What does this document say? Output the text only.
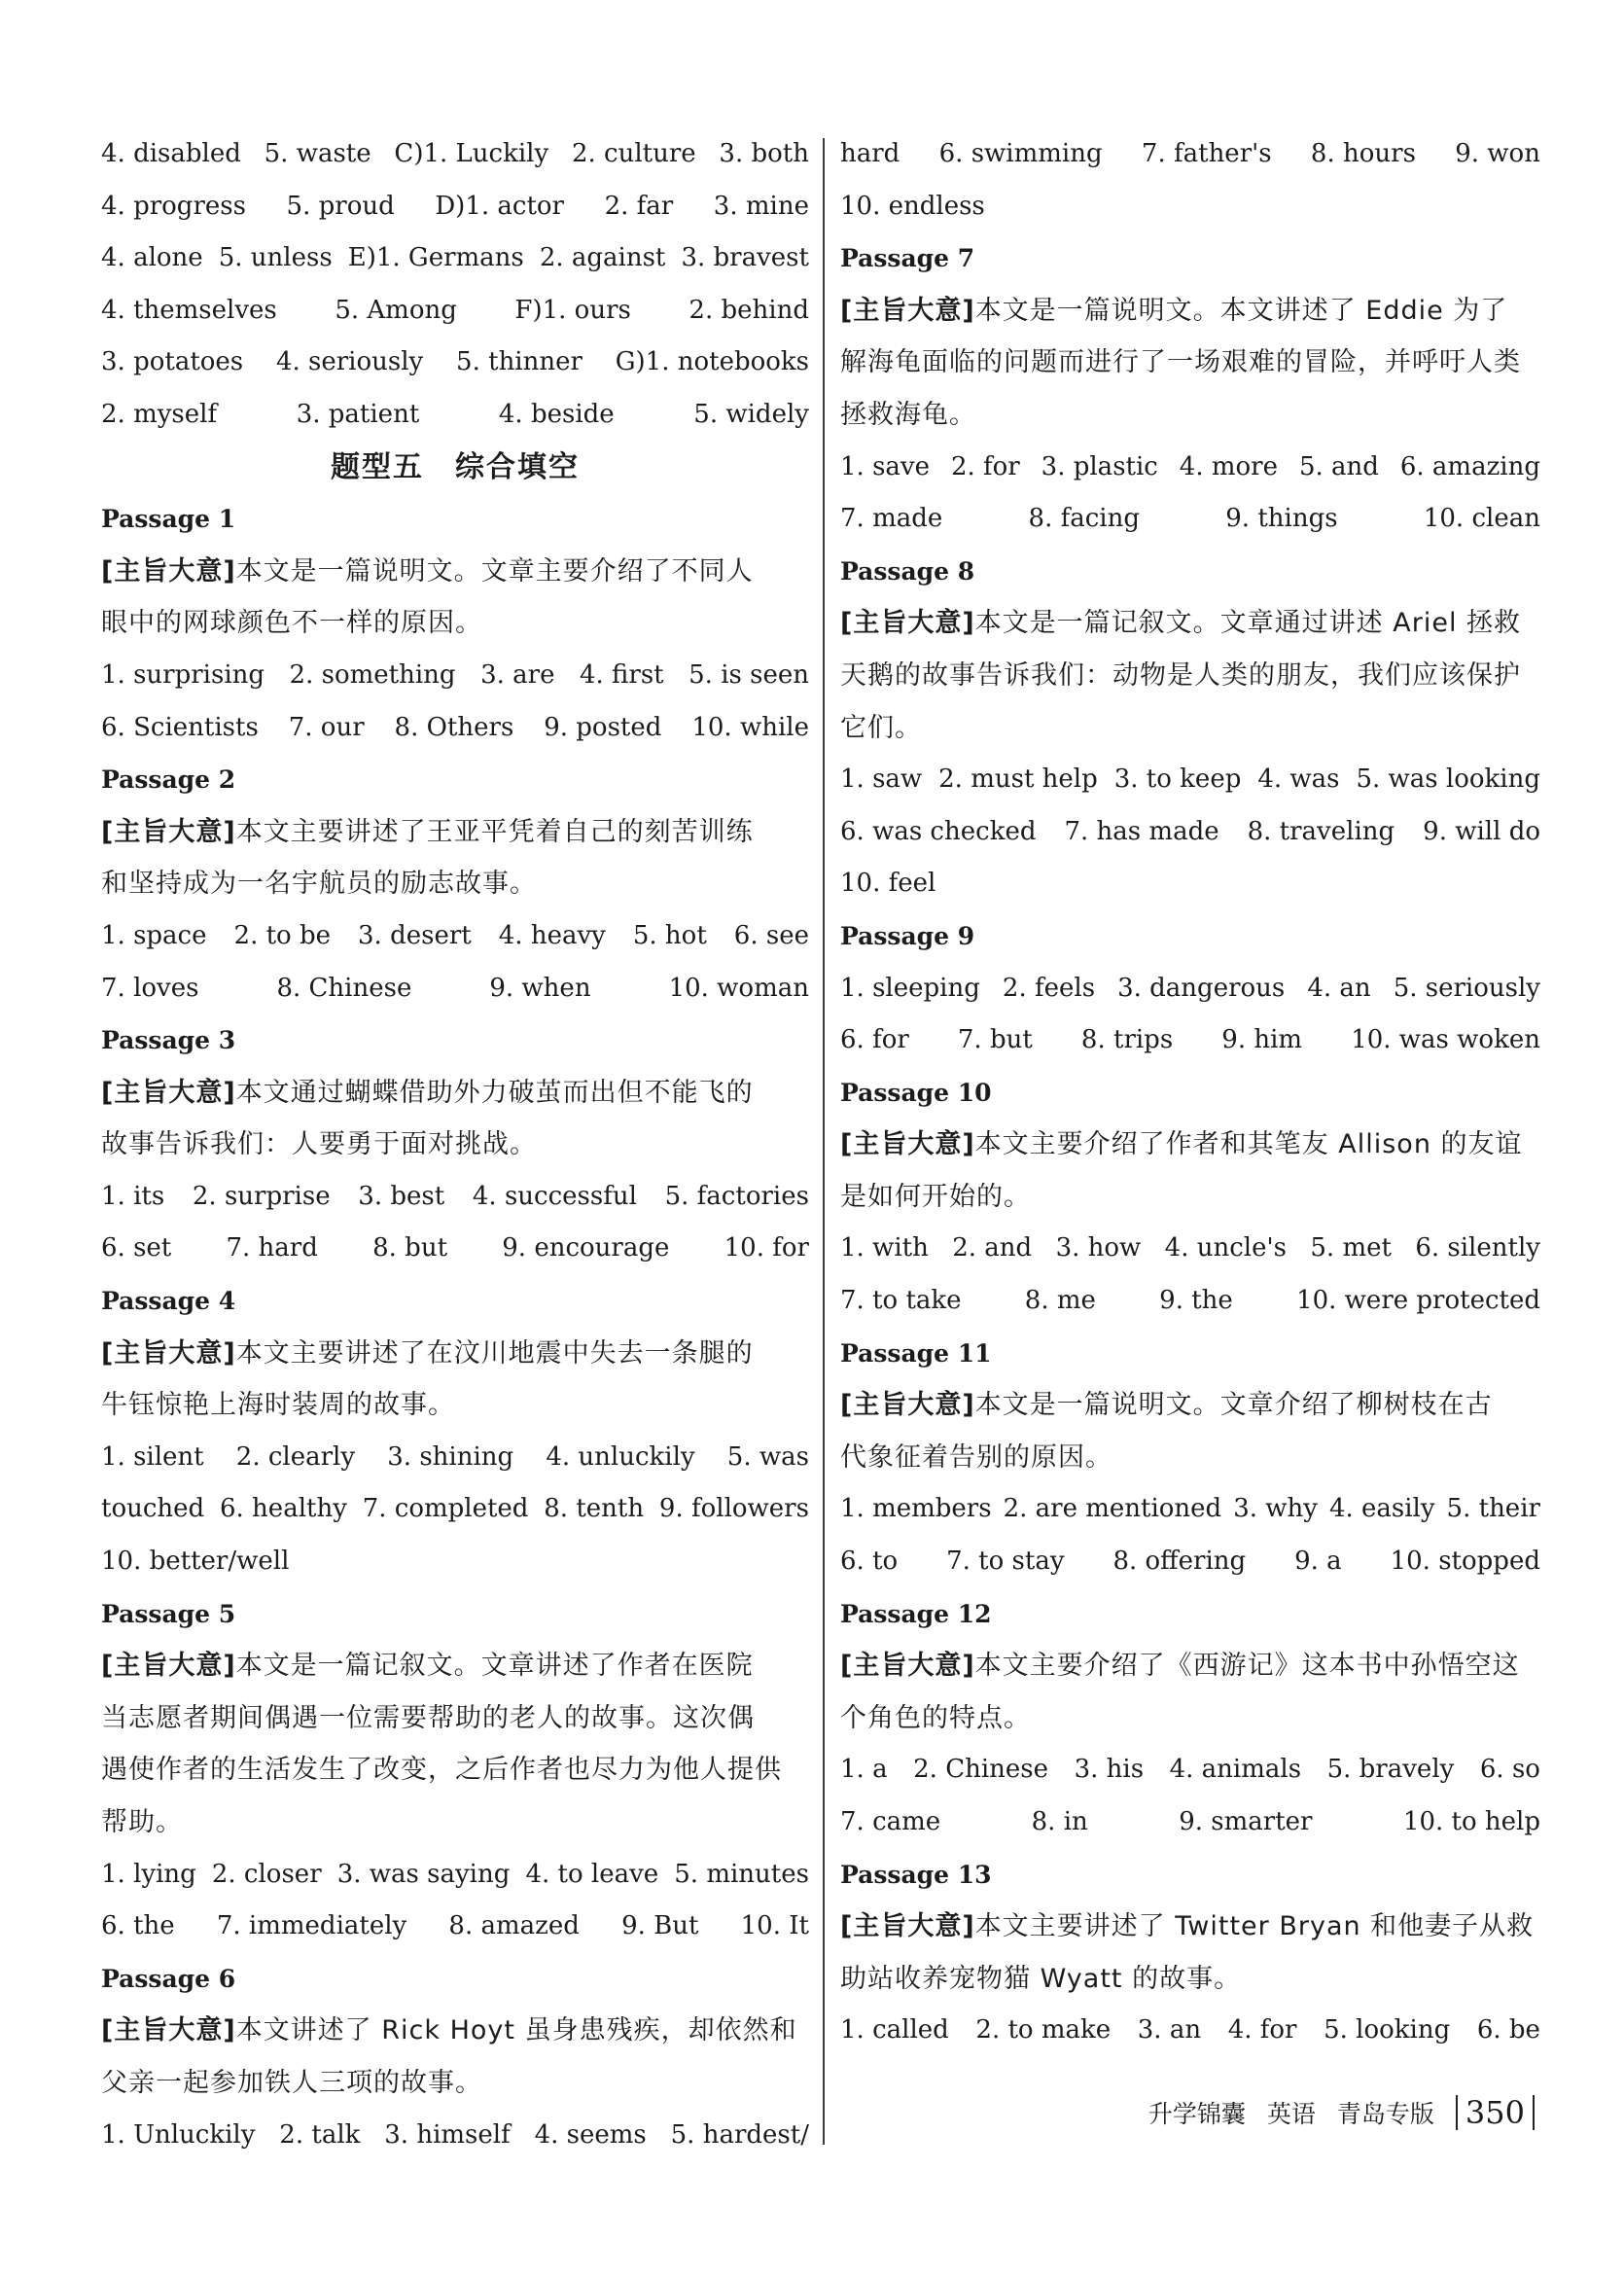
4. disabled 5. waste C)1. Luckily 2. culture 3. both
4. progress 5. proud D)1. actor 2. far 3. mine
4. alone 5. unless E)1. Germans 2. against 3. bravest
4. themselves 5. Among F)1. ours 2. behind
3. potatoes 4. seriously 5. thinner G)1. notebooks
2. myself	3. patient	4. beside	5. widely
题型五　综合填空
Passage 1
[主旨大意]本文是一篇说明文。文章主要介绍了不同人
眼中的网球颜色不一样的原因。
1. surprising 2. something 3. are 4. first 5. is seen
6. Scientists 7. our 8. Others 9. posted 10. while
Passage 2
[主旨大意]本文主要讲述了王亚平凭着自己的刻苦训练
和坚持成为一名宇航员的励志故事。
1. space 2. to be 3. desert 4. heavy 5. hot 6. see
7. loves	8. Chinese	9. when	10. woman
Passage 3
[主旨大意]本文通过蝴蝶借助外力破茧而出但不能飞的
故事告诉我们：人要勇于面对挑战。
1. its 2. surprise 3. best 4. successful 5. factories
6. set 7. hard 8. but 9. encourage 10. for
Passage 4
[主旨大意]本文主要讲述了在汶川地震中失去一条腿的
牛钰惊艳上海时装周的故事。
1. silent 2. clearly 3. shining 4. unluckily 5. was
touched 6. healthy 7. completed 8. tenth 9. followers
10. better/well
Passage 5
[主旨大意]本文是一篇记叙文。文章讲述了作者在医院
当志愿者期间偶遇一位需要帮助的老人的故事。这次偶
遇使作者的生活发生了改变，之后作者也尽力为他人提供
帮助。
1. lying 2. closer 3. was saying 4. to leave 5. minutes
6. the 7. immediately 8. amazed 9. But 10. It
Passage 6
[主旨大意]本文讲述了 Rick Hoyt 虽身患残疾，却依然和
父亲一起参加铁人三项的故事。
1. Unluckily 2. talk 3. himself 4. seems 5. hardest/
hard 6. swimming 7. father's 8. hours 9. won
10. endless
Passage 7
[主旨大意]本文是一篇说明文。本文讲述了 Eddie 为了
解海龟面临的问题而进行了一场艰难的冒险，并呼吁人类
拯救海龟。
1. save 2. for 3. plastic 4. more 5. and 6. amazing
7. made	8. facing	9. things	10. clean
Passage 8
[主旨大意]本文是一篇记叙文。文章通过讲述 Ariel 拯救
天鹅的故事告诉我们：动物是人类的朋友，我们应该保护
它们。
1. saw 2. must help 3. to keep 4. was 5. was looking
6. was checked 7. has made 8. traveling 9. will do
10. feel
Passage 9
1. sleeping 2. feels 3. dangerous 4. an 5. seriously
6. for 7. but 8. trips 9. him 10. was woken
Passage 10
[主旨大意]本文主要介绍了作者和其笔友 Allison 的友谊
是如何开始的。
1. with 2. and 3. how 4. uncle's 5. met 6. silently
7. to take	8. me	9. the	10. were protected
Passage 11
[主旨大意]本文是一篇说明文。文章介绍了柳树枝在古
代象征着告别的原因。
1. members 2. are mentioned 3. why 4. easily 5. their
6. to 7. to stay 8. offering 9. a 10. stopped
Passage 12
[主旨大意]本文主要介绍了《西游记》这本书中孙悟空这
个角色的特点。
1. a 2. Chinese 3. his 4. animals 5. bravely 6. so
7. came	8. in	9. smarter	10. to help
Passage 13
[主旨大意]本文主要讲述了 Twitter Bryan 和他妻子从救
助站收养宠物猫 Wyatt 的故事。
1. called 2. to make 3. an 4. for 5. looking 6. be
升学锦囊 英语 青岛专版	350
